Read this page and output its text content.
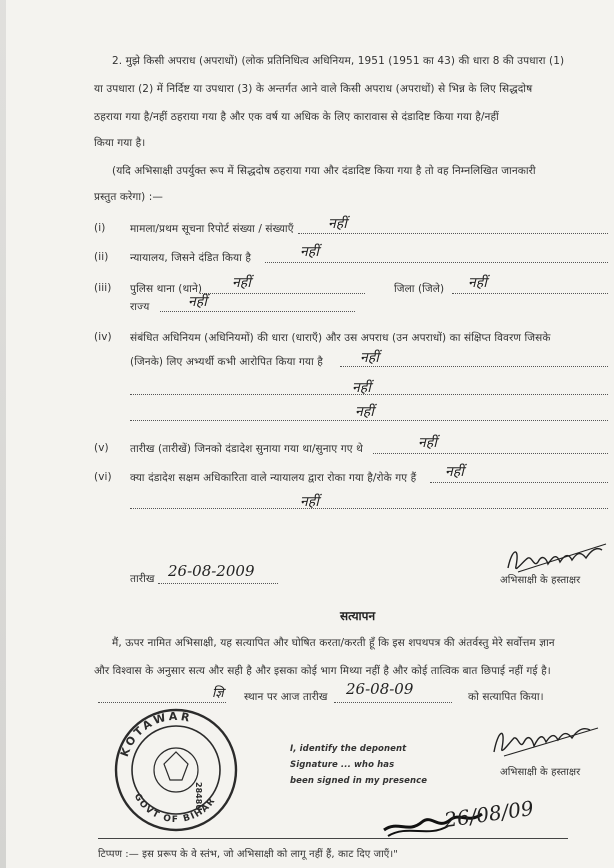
2. मुझे किसी अपराध (अपराधों) (लोक प्रतिनिधित्व अधिनियम, 1951 (1951 का 43) की धारा 8 की उपधारा (1)
या उपधारा (2) में निर्दिष्ट या उपधारा (3) के अन्तर्गत आने वाले किसी अपराध (अपराधों) से भिन्न के लिए सिद्धदोष
ठहराया गया है/नहीं ठहराया गया है और एक वर्ष या अधिक के लिए कारावास से दंडादिष्ट किया गया है/नहीं
किया गया है।
(यदि अभिसाक्षी उपर्युक्त रूप में सिद्धदोष ठहराया गया और दंडादिष्ट किया गया है तो वह निम्नलिखित जानकारी
प्रस्तुत करेगा) :—
(i) मामला/प्रथम सूचना रिपोर्ट संख्या / संख्याएँ नहीं
(ii) न्यायालय, जिसने दंडित किया है	नहीं
(iii) पुलिस थाना (थाने) नहीं	जिला (जिले) नहीं
राज्य	नहीं
(iv) संबंधित अधिनियम (अधिनियमों) की धारा (धाराएँ) और उस अपराध (उन अपराधों) का संक्षिप्त विवरण जिसके
(जिनके) लिए अभ्यर्थी कभी आरोपित किया गया है
नहीं
नहीं
नहीं
(v) तारीख (तारीखें) जिनको दंडादेश सुनाया गया था/सुनाए गए थे	नहीं
(vi) क्या दंडादेश सक्षम अधिकारिता वाले न्यायालय द्वारा रोका गया है/रोके गए हैं नहीं
नहीं
तारीख 26-08-2009
अभिसाक्षी के हस्ताक्षर
सत्यापन
मैं, ऊपर नामित अभिसाक्षी, यह सत्यापित और घोषित करता/करती हूँ कि इस शपथपत्र की अंतर्वस्तु मेरे सर्वोत्तम ज्ञान
और विश्वास के अनुसार सत्य और सही है और इसका कोई भाग मिथ्या नहीं है और कोई तात्विक बात छिपाई नहीं गई है।
ज्ञि स्थान पर आज तारीख 26-08-09	को सत्यापित किया।
KOTAWAR
GOVT OF BIHAR
2848U
I, identify the deponent
Signature ... who has
been signed in my presence
अभिसाक्षी के हस्ताक्षर
26/08/09
टिप्पण :— इस प्ररूप के वे स्तंभ, जो अभिसाक्षी को लागू नहीं हैं, काट दिए जाएँ।"
